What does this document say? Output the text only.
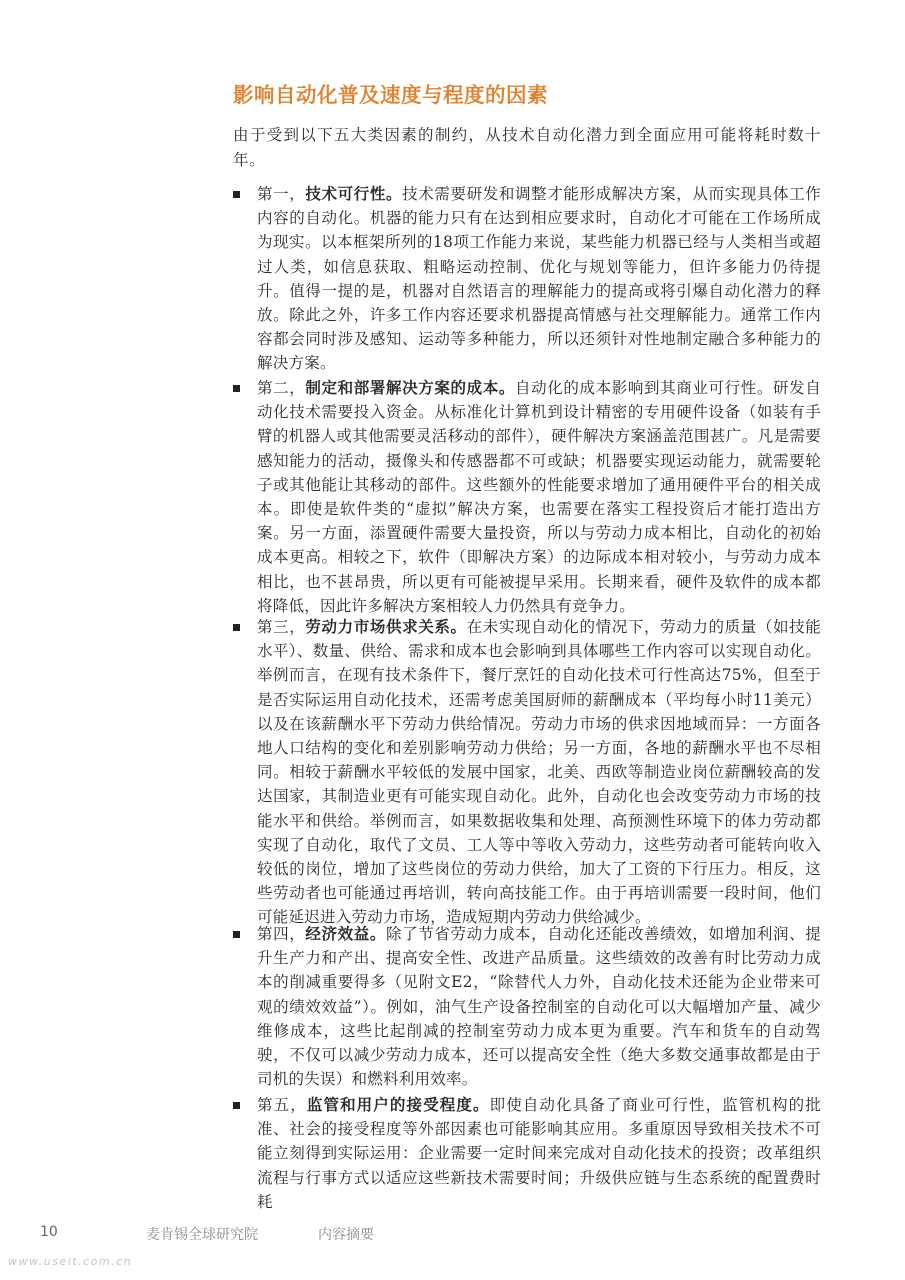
影响自动化普及速度与程度的因素

由于受到以下五大类因素的制约，从技术自动化潜力到全面应用可能将耗时数十年。

第一，技术可行性。技术需要研发和调整才能形成解决方案，从而实现具体工作内容的自动化。机器的能力只有在达到相应要求时，自动化才可能在工作场所成为现实。以本框架所列的18项工作能力来说，某些能力机器已经与人类相当或超过人类，如信息获取、粗略运动控制、优化与规划等能力，但许多能力仍待提升。值得一提的是，机器对自然语言的理解能力的提高或将引爆自动化潜力的释放。除此之外，许多工作内容还要求机器提高情感与社交理解能力。通常工作内容都会同时涉及感知、运动等多种能力，所以还须针对性地制定融合多种能力的解决方案。

第二，制定和部署解决方案的成本。自动化的成本影响到其商业可行性。研发自动化技术需要投入资金。从标准化计算机到设计精密的专用硬件设备（如装有手臂的机器人或其他需要灵活移动的部件），硬件解决方案涵盖范围甚广。凡是需要感知能力的活动，摄像头和传感器都不可或缺；机器要实现运动能力，就需要轮子或其他能让其移动的部件。这些额外的性能要求增加了通用硬件平台的相关成本。即使是软件类的“虚拟”解决方案，也需要在落实工程投资后才能打造出方案。另一方面，添置硬件需要大量投资，所以与劳动力成本相比，自动化的初始成本更高。相较之下，软件（即解决方案）的边际成本相对较小，与劳动力成本相比，也不甚昂贵，所以更有可能被提早采用。长期来看，硬件及软件的成本都将降低，因此许多解决方案相较人力仍然具有竞争力。

第三，劳动力市场供求关系。在未实现自动化的情况下，劳动力的质量（如技能水平）、数量、供给、需求和成本也会影响到具体哪些工作内容可以实现自动化。举例而言，在现有技术条件下，餐厅烹饪的自动化技术可行性高达75%，但至于是否实际运用自动化技术，还需考虑美国厨师的薪酬成本（平均每小时11美元）以及在该薪酬水平下劳动力供给情况。劳动力市场的供求因地域而异：一方面各地人口结构的变化和差别影响劳动力供给；另一方面，各地的薪酬水平也不尽相同。相较于薪酬水平较低的发展中国家，北美、西欧等制造业岗位薪酬较高的发达国家，其制造业更有可能实现自动化。此外，自动化也会改变劳动力市场的技能水平和供给。举例而言，如果数据收集和处理、高预测性环境下的体力劳动都实现了自动化，取代了文员、工人等中等收入劳动力，这些劳动者可能转向收入较低的岗位，增加了这些岗位的劳动力供给，加大了工资的下行压力。相反，这些劳动者也可能通过再培训，转向高技能工作。由于再培训需要一段时间，他们可能延迟进入劳动力市场，造成短期内劳动力供给减少。

第四，经济效益。除了节省劳动力成本，自动化还能改善绩效，如增加利润、提升生产力和产出、提高安全性、改进产品质量。这些绩效的改善有时比劳动力成本的削减重要得多（见附文E2，“除替代人力外，自动化技术还能为企业带来可观的绩效效益”）。例如，油气生产设备控制室的自动化可以大幅增加产量、减少维修成本，这些比起削减的控制室劳动力成本更为重要。汽车和货车的自动驾驶，不仅可以减少劳动力成本，还可以提高安全性（绝大多数交通事故都是由于司机的失误）和燃料利用效率。

第五，监管和用户的接受程度。即使自动化具备了商业可行性，监管机构的批准、社会的接受程度等外部因素也可能影响其应用。多重原因导致相关技术不可能立刻得到实际运用：企业需要一定时间来完成对自动化技术的投资；改革组织流程与行事方式以适应这些新技术需要时间；升级供应链与生态系统的配置费时耗

10	麦肯锡全球研究院	内容摘要
www.useit.com.cn
